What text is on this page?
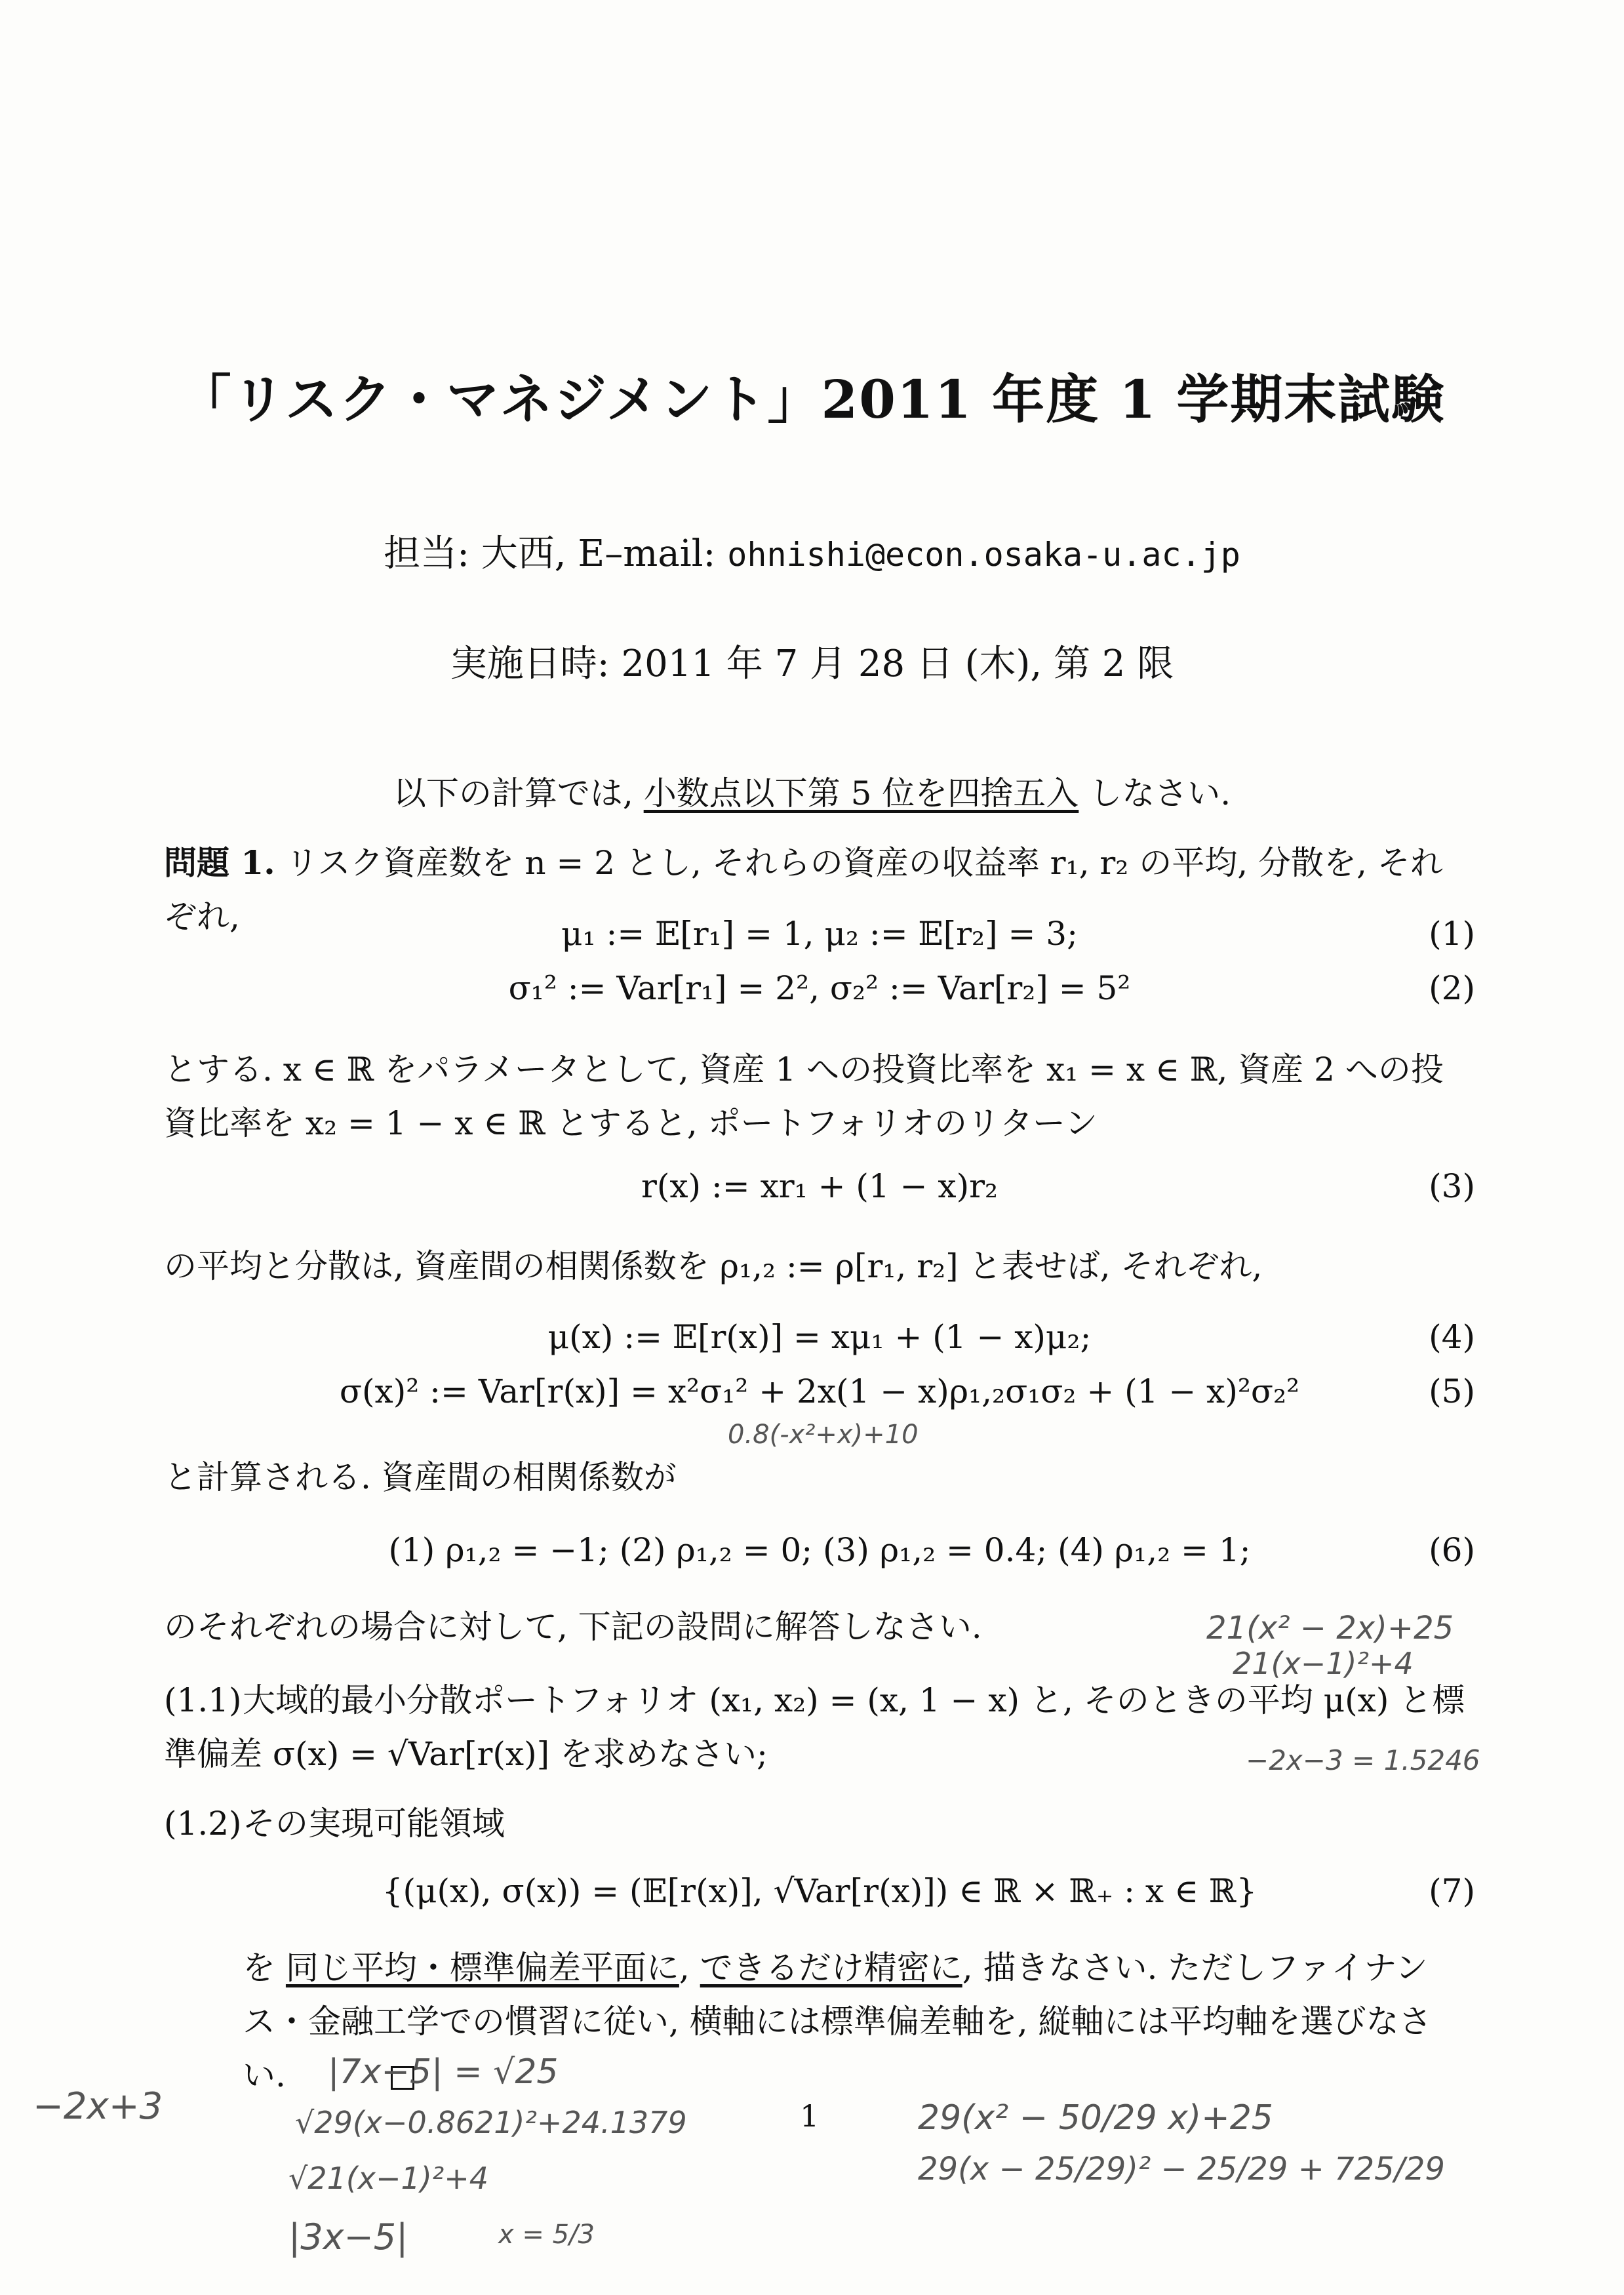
「リスク・マネジメント」2011 年度 1 学期末試験
担当: 大西, E–mail: ohnishi@econ.osaka-u.ac.jp
実施日時: 2011 年 7 月 28 日 (木), 第 2 限
以下の計算では, 小数点以下第 5 位を四捨五入 しなさい.
問題 1. リスク資産数を n = 2 とし, それらの資産の収益率 r₁, r₂ の平均, 分散を, それぞれ,	μ₁ := 𝔼[r₁] = 1, μ₂ := 𝔼[r₂] = 3;	(1)
σ₁² := Var[r₁] = 2², σ₂² := Var[r₂] = 5²	(2)
とする. x ∈ ℝ をパラメータとして, 資産 1 への投資比率を x₁ = x ∈ ℝ, 資産 2 への投資比率を x₂ = 1 − x ∈ ℝ とすると, ポートフォリオのリターン
r(x) := xr₁ + (1 − x)r₂	(3)
の平均と分散は, 資産間の相関係数を ρ₁,₂ := ρ[r₁, r₂] と表せば, それぞれ,
μ(x) := 𝔼[r(x)] = xμ₁ + (1 − x)μ₂;	(4)
σ(x)² := Var[r(x)] = x²σ₁² + 2x(1 − x)ρ₁,₂σ₁σ₂ + (1 − x)²σ₂²	(5)
0.8(-x²+x)+10
と計算される. 資産間の相関係数が
(1) ρ₁,₂ = −1; (2) ρ₁,₂ = 0; (3) ρ₁,₂ = 0.4; (4) ρ₁,₂ = 1;	(6)
のそれぞれの場合に対して, 下記の設問に解答しなさい.	21(x² − 2x)+25
21(x−1)²+4
(1.1)大域的最小分散ポートフォリオ (x₁, x₂) = (x, 1 − x) と, そのときの平均 μ(x) と標準偏差 σ(x) = √Var[r(x)] を求めなさい;	−2x−3 = 1.5246
(1.2)その実現可能領域
{(μ(x), σ(x)) = (𝔼[r(x)], √Var[r(x)]) ∈ ℝ × ℝ₊ : x ∈ ℝ}	(7)
を 同じ平均・標準偏差平面に, できるだけ精密に, 描きなさい. ただしファイナンス・金融工学での慣習に従い, 横軸には標準偏差軸を, 縦軸には平均軸を選びなさい.
−2x+3
|7x−5| = √25
√29(x−0.8621)²+24.1379
√21(x−1)²+4
|3x−5|	x = 5/3
29(x² − 50/29 x)+25
29(x − 25/29)² − 25/29 + 725/29
1
